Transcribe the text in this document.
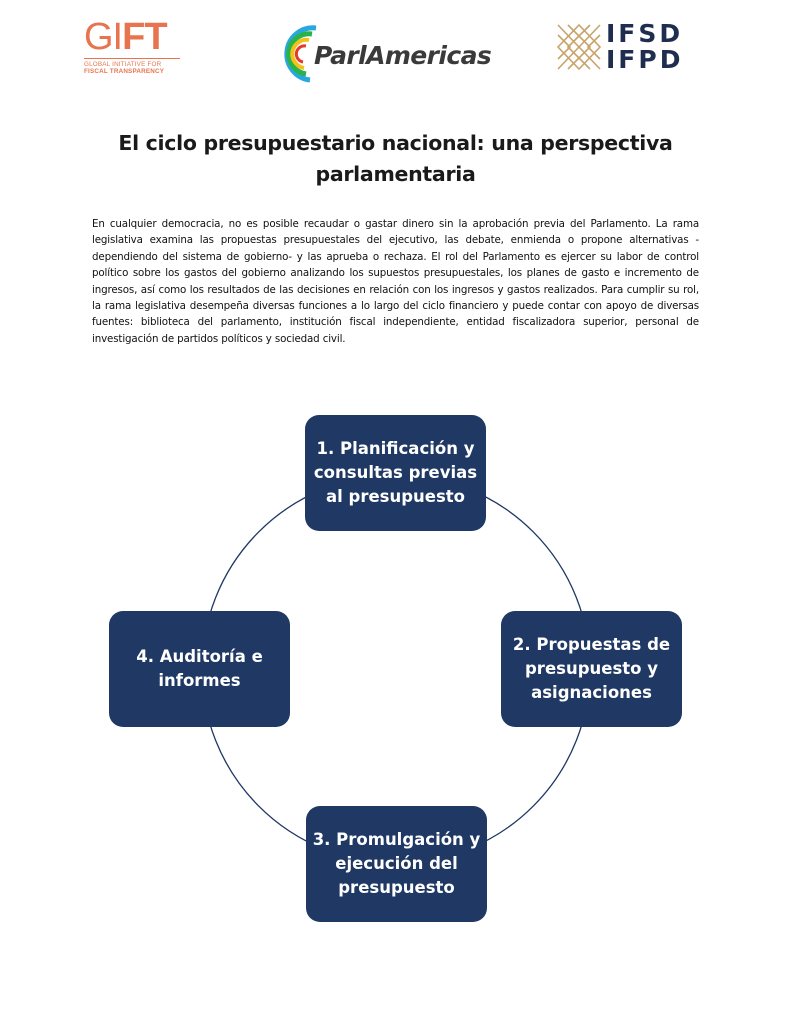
GIFT
GLOBAL INITIATIVE FOR
FISCAL TRANSPARENCY
ParlAmericas
IFSD
IFPD
El ciclo presupuestario nacional: una perspectiva parlamentaria
En cualquier democracia, no es posible recaudar o gastar dinero sin la aprobación previa del Parlamento. La rama legislativa examina las propuestas presupuestales del ejecutivo, las debate, enmienda o propone alternativas -dependiendo del sistema de gobierno- y las aprueba o rechaza. El rol del Parlamento es ejercer su labor de control político sobre los gastos del gobierno analizando los supuestos presupuestales, los planes de gasto e incremento de ingresos, así como los resultados de las decisiones en relación con los ingresos y gastos realizados. Para cumplir su rol, la rama legislativa desempeña diversas funciones a lo largo del ciclo financiero y puede contar con apoyo de diversas fuentes: biblioteca del parlamento, institución fiscal independiente, entidad fiscalizadora superior, personal de investigación de partidos políticos y sociedad civil.
1. Planificación y consultas previas al presupuesto
2. Propuestas de presupuesto y asignaciones
3. Promulgación y ejecución del presupuesto
4. Auditoría e informes
